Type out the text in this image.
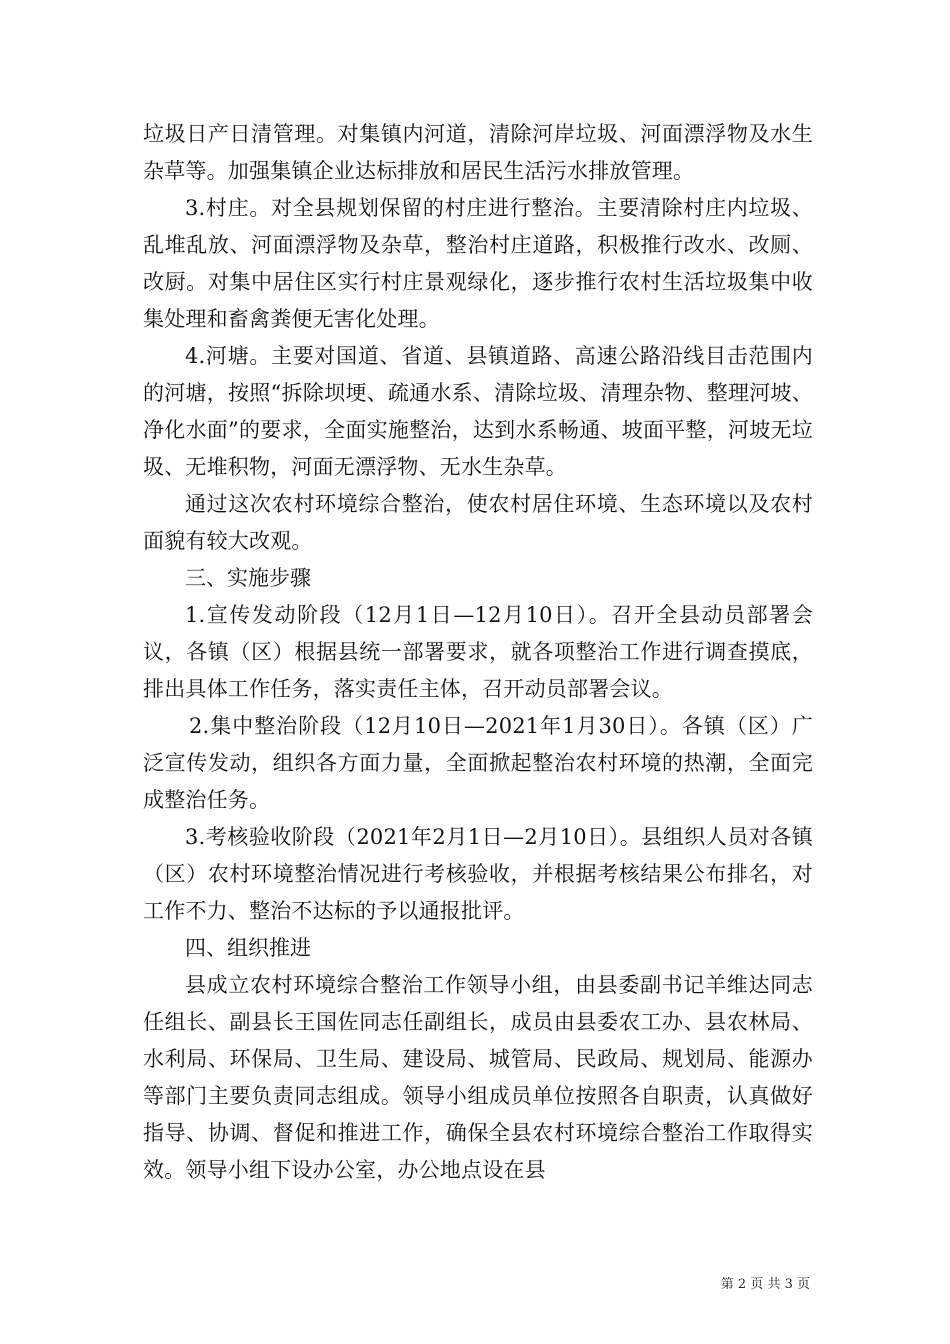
垃圾日产日清管理。对集镇内河道，清除河岸垃圾、河面漂浮物及水生杂草等。加强集镇企业达标排放和居民生活污水排放管理。

3.村庄。对全县规划保留的村庄进行整治。主要清除村庄内垃圾、乱堆乱放、河面漂浮物及杂草，整治村庄道路，积极推行改水、改厕、改厨。对集中居住区实行村庄景观绿化，逐步推行农村生活垃圾集中收集处理和畜禽粪便无害化处理。

4.河塘。主要对国道、省道、县镇道路、高速公路沿线目击范围内的河塘，按照“拆除坝埂、疏通水系、清除垃圾、清理杂物、整理河坡、净化水面”的要求，全面实施整治，达到水系畅通、坡面平整，河坡无垃圾、无堆积物，河面无漂浮物、无水生杂草。

通过这次农村环境综合整治，使农村居住环境、生态环境以及农村面貌有较大改观。

三、实施步骤

1.宣传发动阶段（12月1日—12月10日）。召开全县动员部署会议，各镇（区）根据县统一部署要求，就各项整治工作进行调查摸底，排出具体工作任务，落实责任主体，召开动员部署会议。

2.集中整治阶段（12月10日—2021年1月30日）。各镇（区）广泛宣传发动，组织各方面力量，全面掀起整治农村环境的热潮，全面完成整治任务。

3.考核验收阶段（2021年2月1日—2月10日）。县组织人员对各镇（区）农村环境整治情况进行考核验收，并根据考核结果公布排名，对工作不力、整治不达标的予以通报批评。

四、组织推进

县成立农村环境综合整治工作领导小组，由县委副书记羊维达同志任组长、副县长王国佐同志任副组长，成员由县委农工办、县农林局、水利局、环保局、卫生局、建设局、城管局、民政局、规划局、能源办等部门主要负责同志组成。领导小组成员单位按照各自职责，认真做好指导、协调、督促和推进工作，确保全县农村环境综合整治工作取得实效。领导小组下设办公室，办公地点设在县

第 2 页 共 3 页
